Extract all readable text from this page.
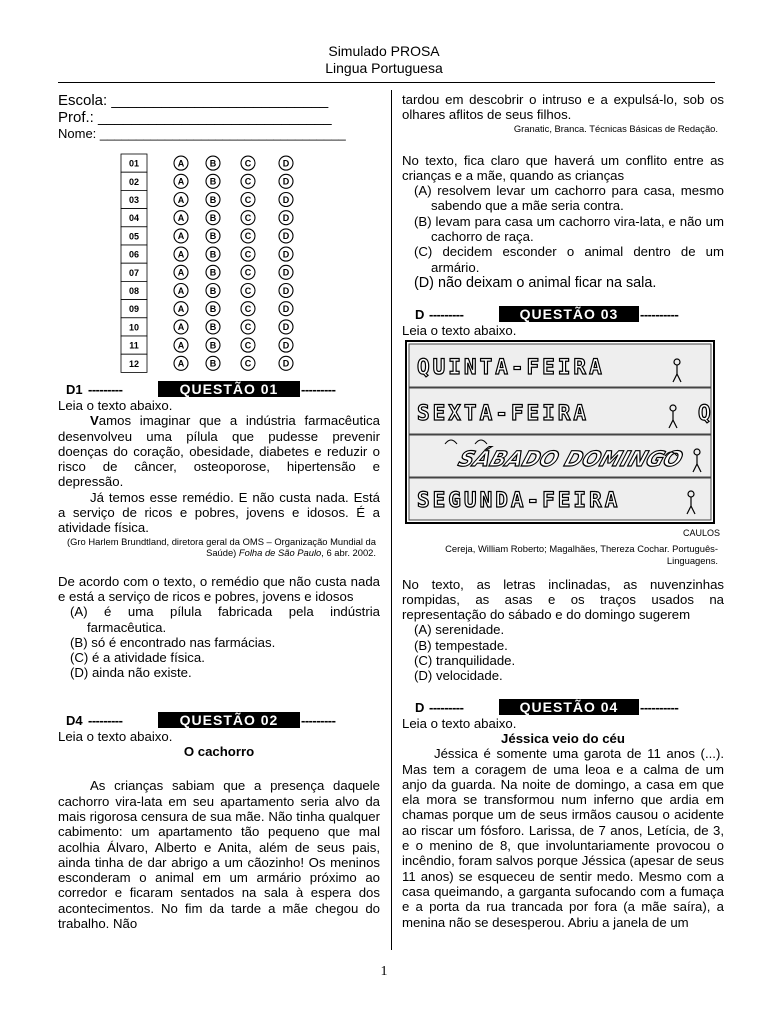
Simulado PROSA
Lingua Portuguesa

Escola: __________________________

Prof.: ____________________________

Nome: __________________________________

D1 ---------	QUESTÃO 01	---------

Leia o texto abaixo.

Vamos imaginar que a indústria farmacêutica desenvolveu uma pílula que pudesse prevenir doenças do coração, obesidade, diabetes e reduzir o risco de câncer, osteoporose, hipertensão e depressão.

Já temos esse remédio. E não custa nada. Está a serviço de ricos e pobres, jovens e idosos. É a atividade física.

(Gro Harlem Brundtland, diretora geral da OMS – Organização Mundial da Saúde) Folha de São Paulo, 6 abr. 2002.

De acordo com o texto, o remédio que não custa nada e está a serviço de ricos e pobres, jovens e idosos

(A) é uma pílula fabricada pela indústria farmacêutica.

(B) só é encontrado nas farmácias.

(C) é a atividade física.

(D) ainda não existe.

D4 ---------	QUESTÃO 02	---------

Leia o texto abaixo.

O cachorro

As crianças sabiam que a presença daquele cachorro vira-lata em seu apartamento seria alvo da mais rigorosa censura de sua mãe. Não tinha qualquer cabimento: um apartamento tão pequeno que mal acolhia Álvaro, Alberto e Anita, além de seus pais, ainda tinha de dar abrigo a um cãozinho! Os meninos esconderam o animal em um armário próximo ao corredor e ficaram sentados na sala à espera dos acontecimentos. No fim da tarde a mãe chegou do trabalho. Não

01	A	B	C	D
02	A	B	C	D
03	A	B	C	D
04	A	B	C	D
05	A	B	C	D
06	A	B	C	D
07	A	B	C	D
08	A	B	C	D
09	A	B	C	D
10	A	B	C	D
11	A	B	C	D
12	A	B	C	D

tardou em descobrir o intruso e a expulsá-lo, sob os olhares aflitos de seus filhos.

Granatic, Branca. Técnicas Básicas de Redação.

No texto, fica claro que haverá um conflito entre as crianças e a mãe, quando as crianças

(A) resolvem levar um cachorro para casa, mesmo sabendo que a mãe seria contra.

(B) levam para casa um cachorro vira-lata, e não um cachorro de raça.

(C) decidem esconder o animal dentro de um armário.

(D) não deixam o animal ficar na sala.

D ---------	QUESTÃO 03	----------

Leia o texto abaixo.

QUINTA-FEIRA
SEXTA-FEIRA
SÁBADO DOMINGO
SEGUNDA-FEIRA
Q

CAULOS

Cereja, William Roberto; Magalhães, Thereza Cochar. Português- Linguagens.

No texto, as letras inclinadas, as nuvenzinhas rompidas, as asas e os traços usados na representação do sábado e do domingo sugerem

(A) serenidade.

(B) tempestade.

(C) tranquilidade.

(D) velocidade.

D ---------	QUESTÃO 04	----------

Leia o texto abaixo.

Jéssica veio do céu

Jéssica é somente uma garota de 11 anos (...). Mas tem a coragem de uma leoa e a calma de um anjo da guarda. Na noite de domingo, a casa em que ela mora se transformou num inferno que ardia em chamas porque um de seus irmãos causou o acidente ao riscar um fósforo. Larissa, de 7 anos, Letícia, de 3, e o menino de 8, que involuntariamente provocou o incêndio, foram salvos porque Jéssica (apesar de seus 11 anos) se esqueceu de sentir medo. Mesmo com a casa queimando, a garganta sufocando com a fumaça e a porta da rua trancada por fora (a mãe saíra), a menina não se desesperou. Abriu a janela de um

1
